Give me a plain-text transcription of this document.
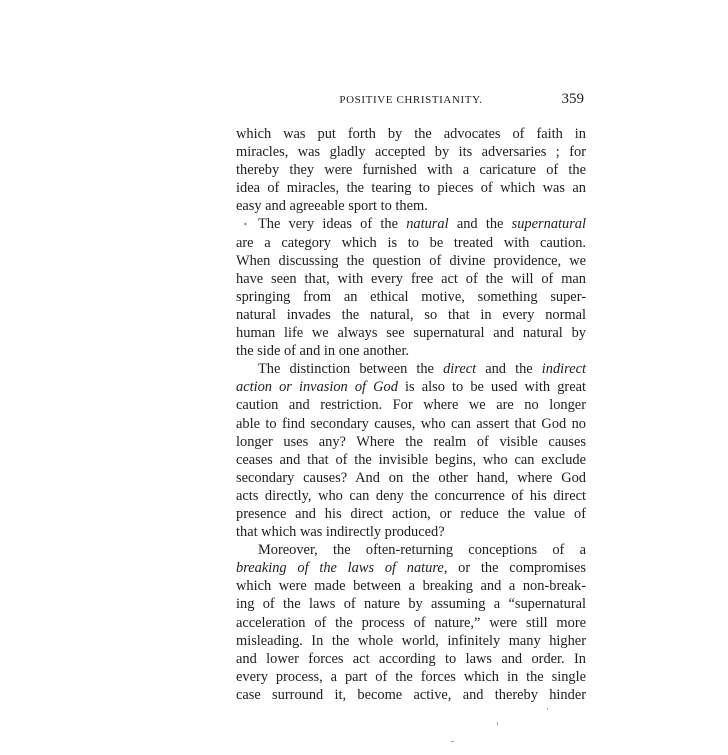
POSITIVE CHRISTIANITY.	359
which was put forth by the advocates of faith in
miracles, was gladly accepted by its adversaries ; for
thereby they were furnished with a caricature of the
idea of miracles, the tearing to pieces of which was an
easy and agreeable sport to them.
The very ideas of the natural and the supernatural
are a category which is to be treated with caution.
When discussing the question of divine providence, we
have seen that, with every free act of the will of man
springing from an ethical motive, something super-
natural invades the natural, so that in every normal
human life we always see supernatural and natural by
the side of and in one another.
The distinction between the direct and the indirect
action or invasion of God is also to be used with great
caution and restriction. For where we are no longer
able to find secondary causes, who can assert that God no
longer uses any? Where the realm of visible causes
ceases and that of the invisible begins, who can exclude
secondary causes? And on the other hand, where God
acts directly, who can deny the concurrence of his direct
presence and his direct action, or reduce the value of
that which was indirectly produced?
Moreover, the often-returning conceptions of a
breaking of the laws of nature, or the compromises
which were made between a breaking and a non-break-
ing of the laws of nature by assuming a “supernatural
acceleration of the process of nature,” were still more
misleading. In the whole world, infinitely many higher
and lower forces act according to laws and order. In
every process, a part of the forces which in the single
case surround it, become active, and thereby hinder
